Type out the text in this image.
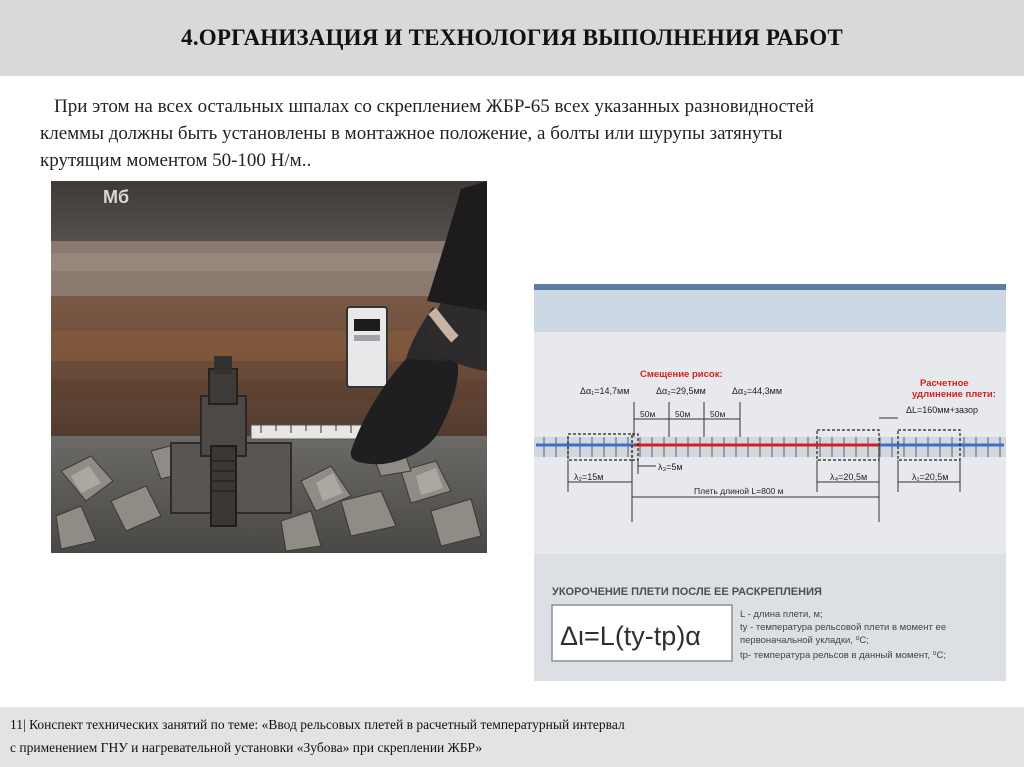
4.ОРГАНИЗАЦИЯ И ТЕХНОЛОГИЯ ВЫПОЛНЕНИЯ РАБОТ

При этом на всех остальных шпалах со скреплением ЖБР-65 всех указанных разновидностей
клеммы должны быть установлены в монтажное положение, а болты или шурупы затянуты
крутящим моментом 50-100 Н/м..

Мб
Смещение рисок:
Δα₁=14,7мм	Δα₂=29,5мм	Δα₃=44,3мм
Расчетное
удлинение плети:
ΔL=160мм+зазор
50м 50м 50м
λ₂=15м
λ₃=5м
λ₄=20,5м	λ₁=20,5м
Плеть длиной L=800 м
УКОРОЧЕНИЕ ПЛЕТИ ПОСЛЕ ЕЕ РАСКРЕПЛЕНИЯ
Δι=L(tу-tр)α
L - длина плети, м;
tу - температура рельсовой плети в момент ее
первоначальной укладки, ⁰С;
tр- температура рельсов в данный момент, ⁰С;
11| Конспект технических занятий по теме: «Ввод рельсовых плетей в расчетный температурный интервал
с применением ГНУ и нагревательной установки «Зубова» при скреплении ЖБР»
